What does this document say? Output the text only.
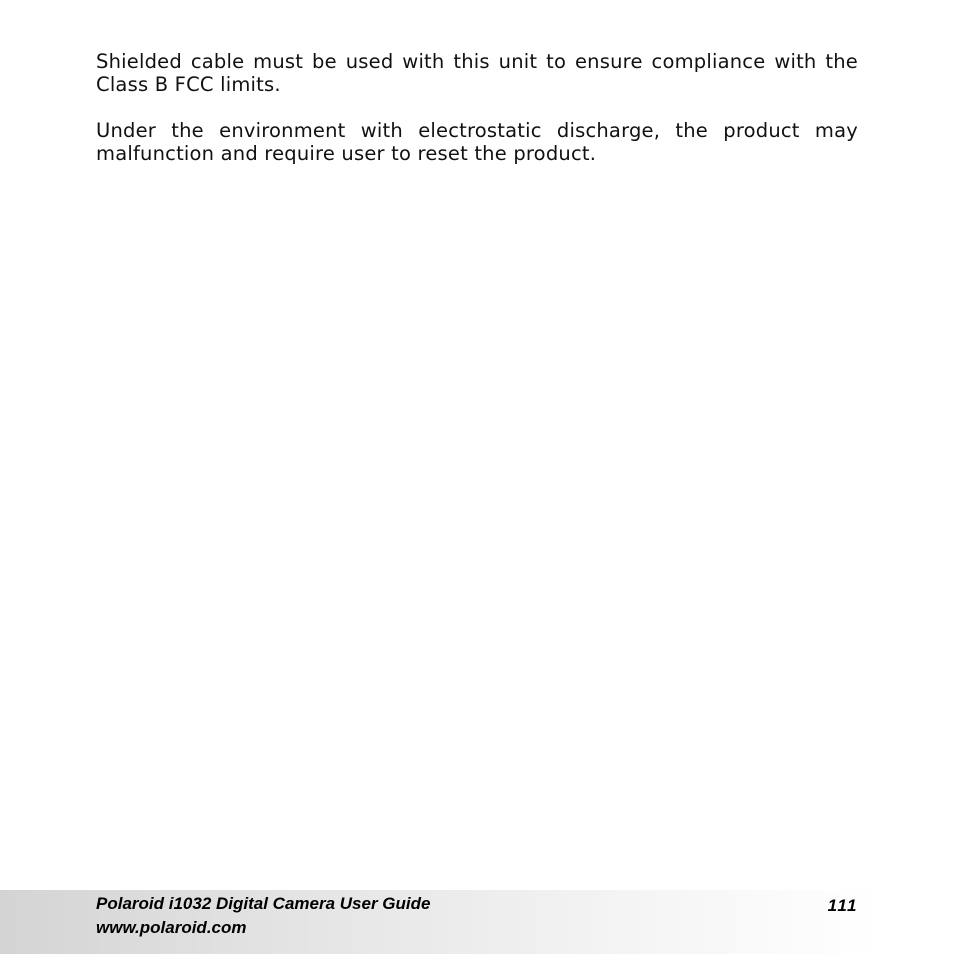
Shielded cable must be used with this unit to ensure compliance with the Class B FCC limits.

Under the environment with electrostatic discharge, the product may malfunction and require user to reset the product.

Polaroid i1032 Digital Camera User Guide
www.polaroid.com
111
